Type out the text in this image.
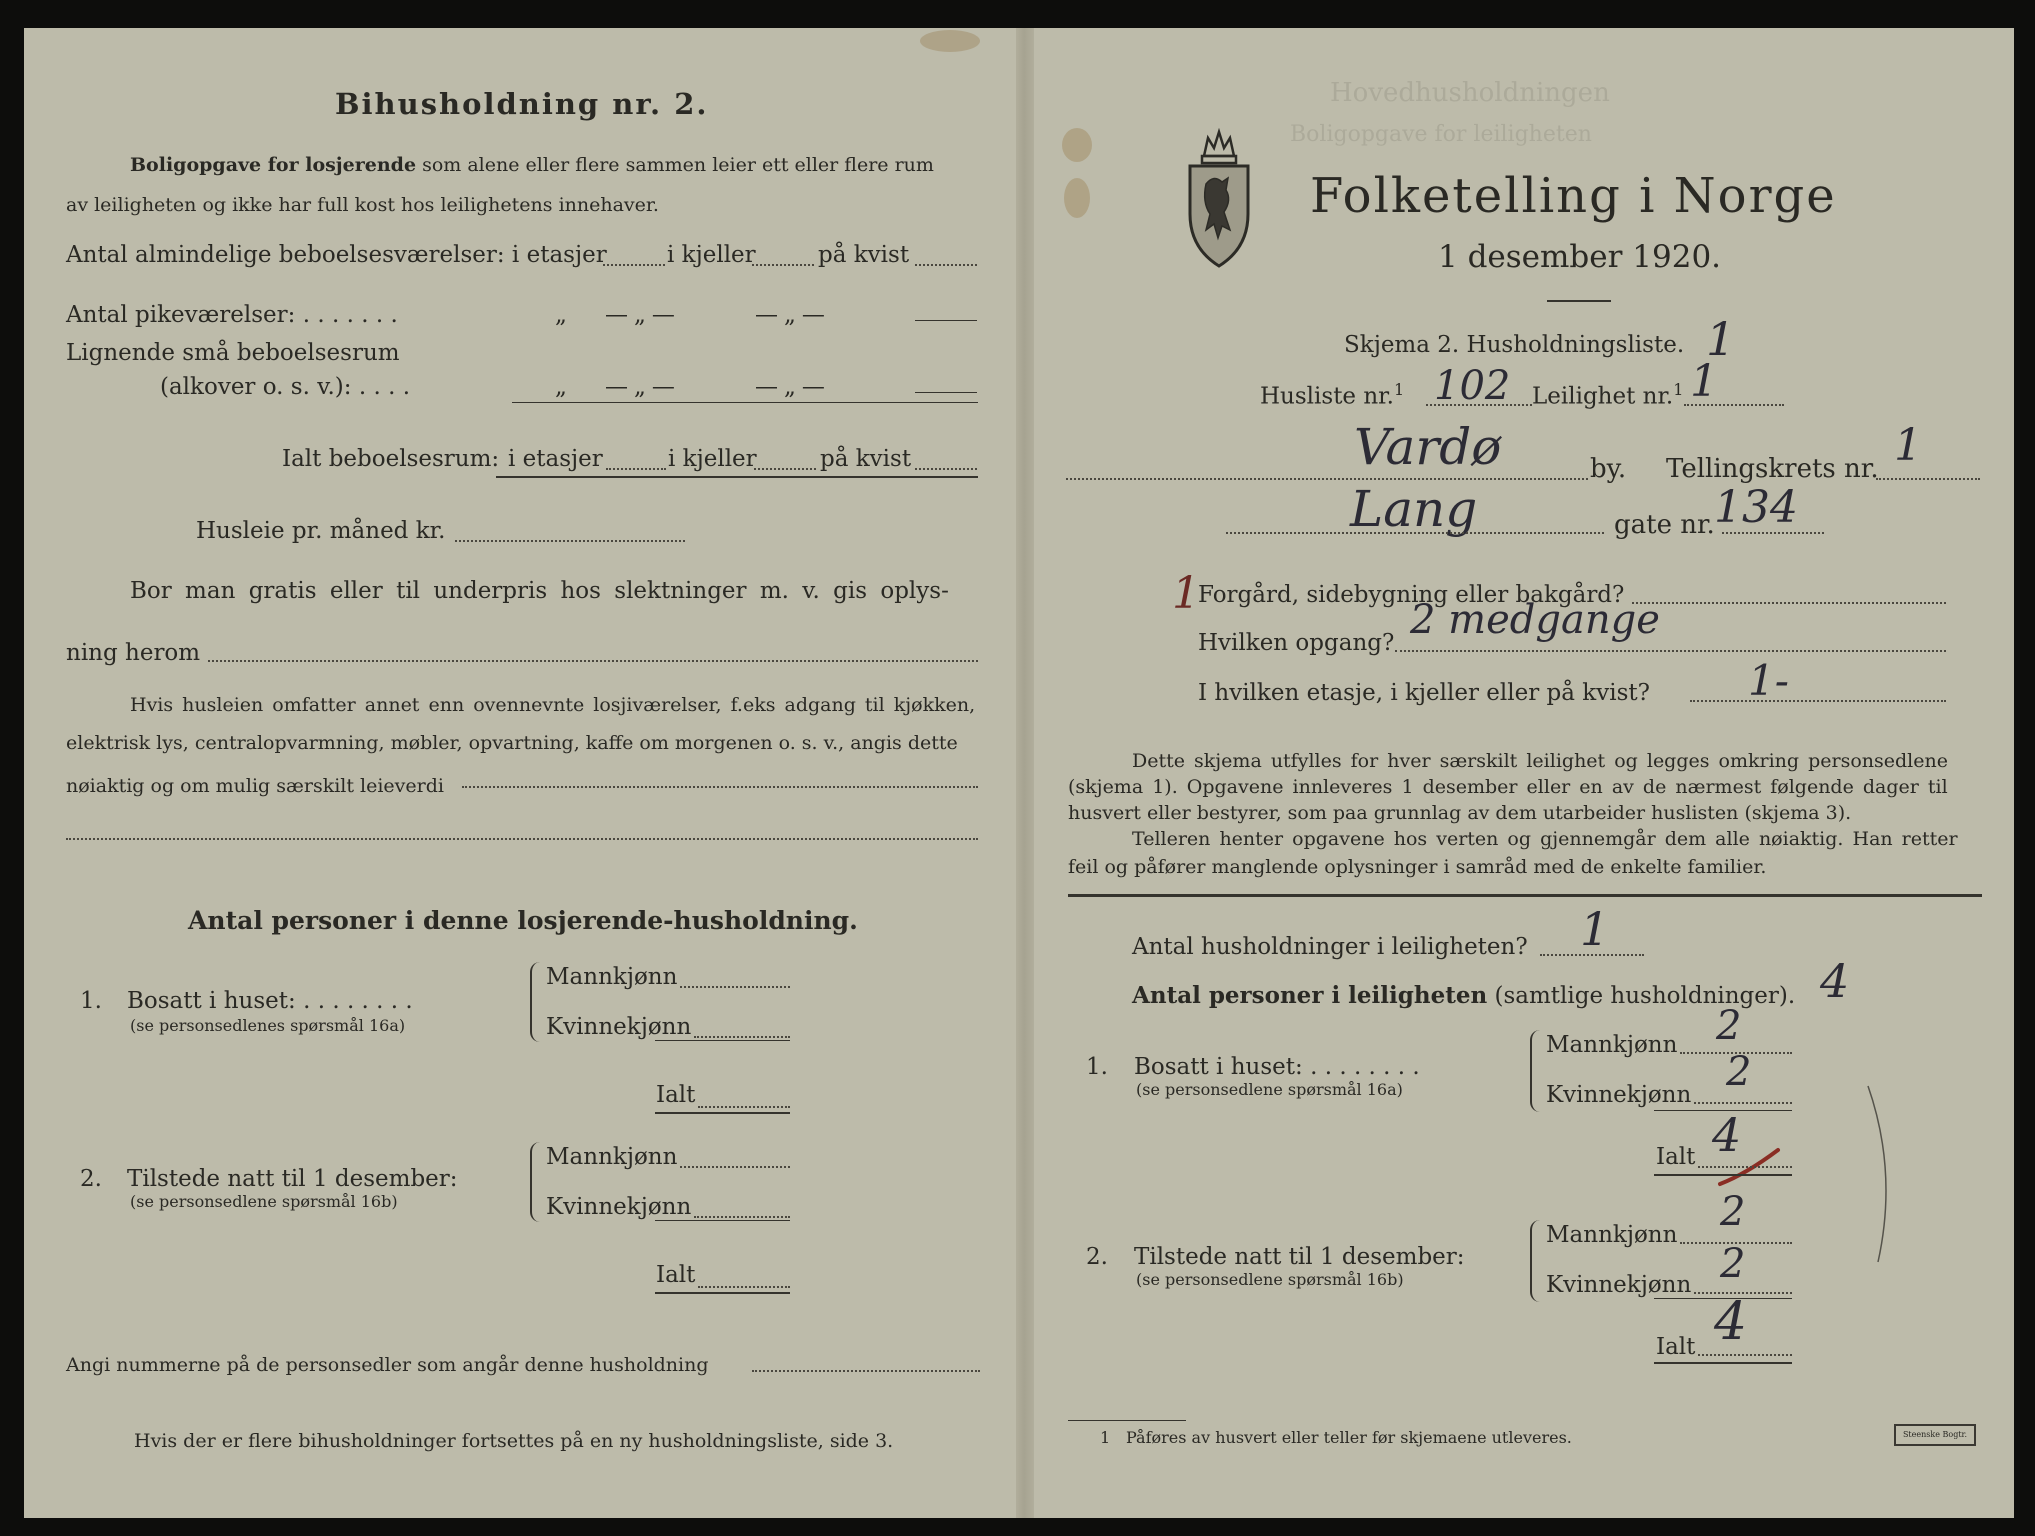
Hovedhusholdningen
Boligopgave for leiligheten
Bihusholdning nr. 2.
Boligopgave for losjerende som alene eller flere sammen leier ett eller flere rum
av leiligheten og ikke har full kost hos leilighetens innehaver.
Antal almindelige beboelsesværelser: i etasjer	i kjeller	på kvist
Antal pikeværelser: . . . . . . .	„ —„—	—„—
Lignende små beboelsesrum
(alkover o. s. v.): . . . .	„ —„—	—„—
Ialt beboelsesrum: i etasjer	i kjeller	på kvist
Husleie pr. måned kr.
Bor man gratis eller til underpris hos slektninger m. v. gis oplys-
ning herom
Hvis husleien omfatter annet enn ovennevnte losjiværelser, f.eks adgang til kjøkken,
elektrisk lys, centralopvarmning, møbler, opvartning, kaffe om morgenen o. s. v., angis dette
nøiaktig og om mulig særskilt leieverdi
Antal personer i denne losjerende-husholdning.
1. Bosatt i huset: . . . . . . . .
(se personsedlenes spørsmål 16a)
Mannkjønn
Kvinnekjønn
Ialt
2. Tilstede natt til 1 desember:
(se personsedlene spørsmål 16b)
Mannkjønn
Kvinnekjønn
Ialt
Angi nummerne på de personsedler som angår denne husholdning
Hvis der er flere bihusholdninger fortsettes på en ny husholdningsliste, side 3.
Folketelling i Norge
1 desember 1920.
Skjema 2. Husholdningsliste. 1
Husliste nr.$^1$ 102 Leilighet nr.$^1$ 1
Vardø	by. Tellingskrets nr. 1
Lang	gate nr. 134
1
Forgård, sidebygning eller bakgård?
Hvilken opgang? 2 medgange
I hvilken etasje, i kjeller eller på kvist? 1-
Dette skjema utfylles for hver særskilt leilighet og legges omkring personsedlene
(skjema 1). Opgavene innleveres 1 desember eller en av de nærmest følgende dager til
husvert eller bestyrer, som paa grunnlag av dem utarbeider huslisten (skjema 3).
Telleren henter opgavene hos verten og gjennemgår dem alle nøiaktig. Han retter
feil og påfører manglende oplysninger i samråd med de enkelte familier.
Antal husholdninger i leiligheten? 1
Antal personer i leiligheten (samtlige husholdninger). 4
1. Bosatt i huset: . . . . . . . .
(se personsedlene spørsmål 16a)
Mannkjønn 2
Kvinnekjønn 2
Ialt 4
2. Tilstede natt til 1 desember:
(se personsedlene spørsmål 16b)
Mannkjønn 2
Kvinnekjønn 2
Ialt 4
1 Påføres av husvert eller teller før skjemaene utleveres.	Steenske Bogtr.
